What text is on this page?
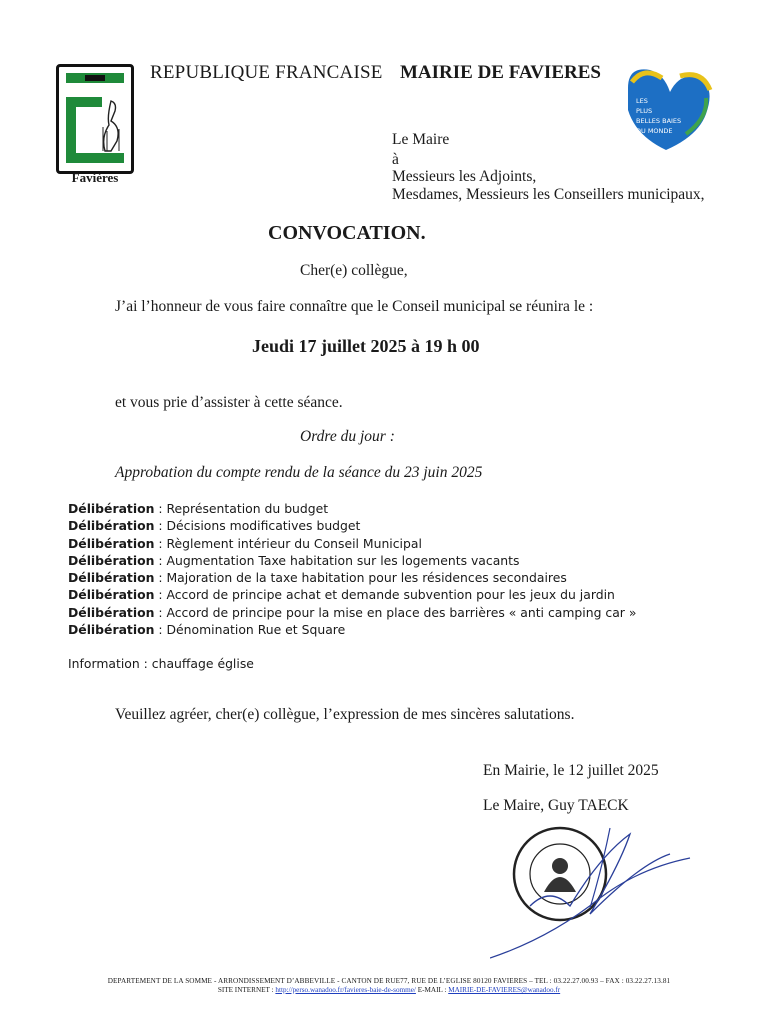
Favières
REPUBLIQUE FRANCAISE MAIRIE DE FAVIERES
LES
PLUS
BELLES BAIES
DU MONDE
Le Maire
à
Messieurs les Adjoints,
Mesdames, Messieurs les Conseillers municipaux,
CONVOCATION.
Cher(e) collègue,
J’ai l’honneur de vous faire connaître que le Conseil municipal se réunira le :
Jeudi 17 juillet 2025 à 19 h 00
et vous prie d’assister à cette séance.
Ordre du jour :
Approbation du compte rendu de la séance du 23 juin 2025
Délibération : Représentation du budget
Délibération : Décisions modificatives budget
Délibération : Règlement intérieur du Conseil Municipal
Délibération : Augmentation Taxe habitation sur les logements vacants
Délibération : Majoration de la taxe habitation pour les résidences secondaires
Délibération : Accord de principe achat et demande subvention pour les jeux du jardin
Délibération : Accord de principe pour la mise en place des barrières « anti camping car »
Délibération : Dénomination Rue et Square
Information : chauffage église
Veuillez agréer, cher(e) collègue, l’expression de mes sincères salutations.
En Mairie, le 12 juillet 2025
Le Maire, Guy TAECK
DEPARTEMENT DE LA SOMME - ARRONDISSEMENT D’ABBEVILLE - CANTON DE RUE77, RUE DE L’EGLISE 80120 FAVIERES – TEL : 03.22.27.00.93 – FAX : 03.22.27.13.81
SITE INTERNET : http://perso.wanadoo.fr/favieres-baie-de-somme/ E-MAIL : MAIRIE-DE-FAVIERES@wanadoo.fr
